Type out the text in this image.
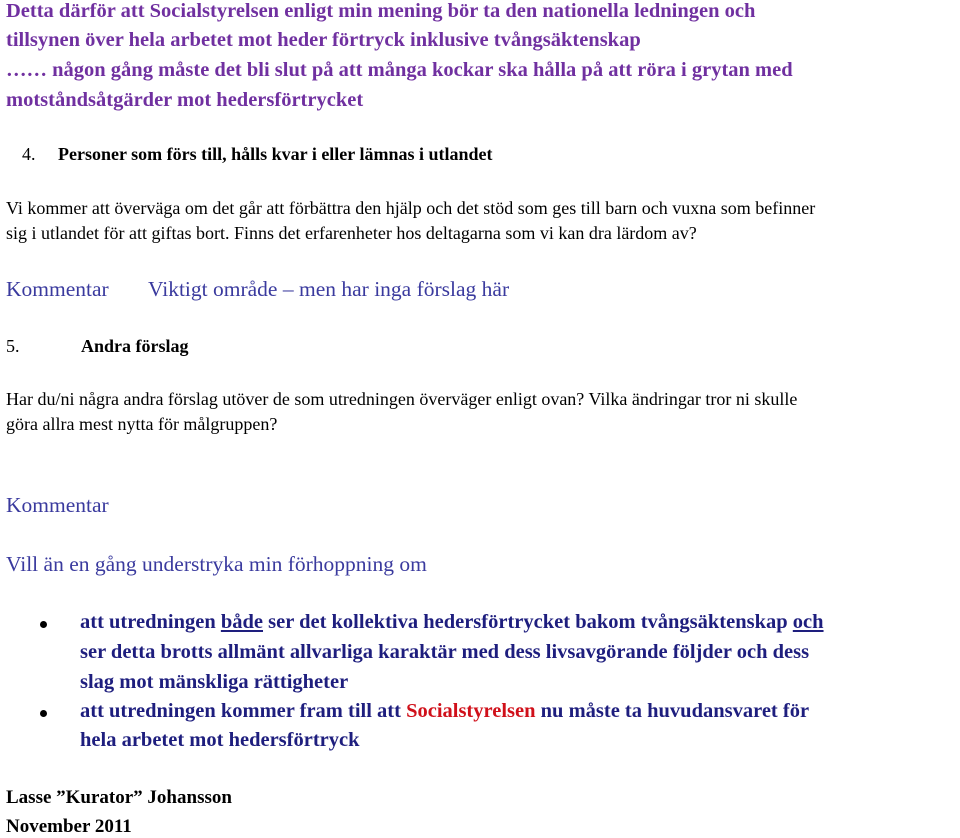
Detta därför att Socialstyrelsen enligt min mening bör ta den nationella ledningen och
tillsynen över hela arbetet mot heder förtryck inklusive tvångsäktenskap
…… någon gång måste det bli slut på att många kockar ska hålla på att röra i grytan med
motståndsåtgärder mot hedersförtrycket
4. Personer som förs till, hålls kvar i eller lämnas i utlandet
Vi kommer att överväga om det går att förbättra den hjälp och det stöd som ges till barn och vuxna som befinner
sig i utlandet för att giftas bort. Finns det erfarenheter hos deltagarna som vi kan dra lärdom av?
Kommentar Viktigt område – men har inga förslag här
5.	Andra förslag
Har du/ni några andra förslag utöver de som utredningen överväger enligt ovan? Vilka ändringar tror ni skulle
göra allra mest nytta för målgruppen?
Kommentar
Vill än en gång understryka min förhoppning om
att utredningen både ser det kollektiva hedersförtrycket bakom tvångsäktenskap och
ser detta brotts allmänt allvarliga karaktär med dess livsavgörande följder och dess
slag mot mänskliga rättigheter
att utredningen kommer fram till att Socialstyrelsen nu måste ta huvudansvaret för
hela arbetet mot hedersförtryck
Lasse ”Kurator” Johansson
November 2011
